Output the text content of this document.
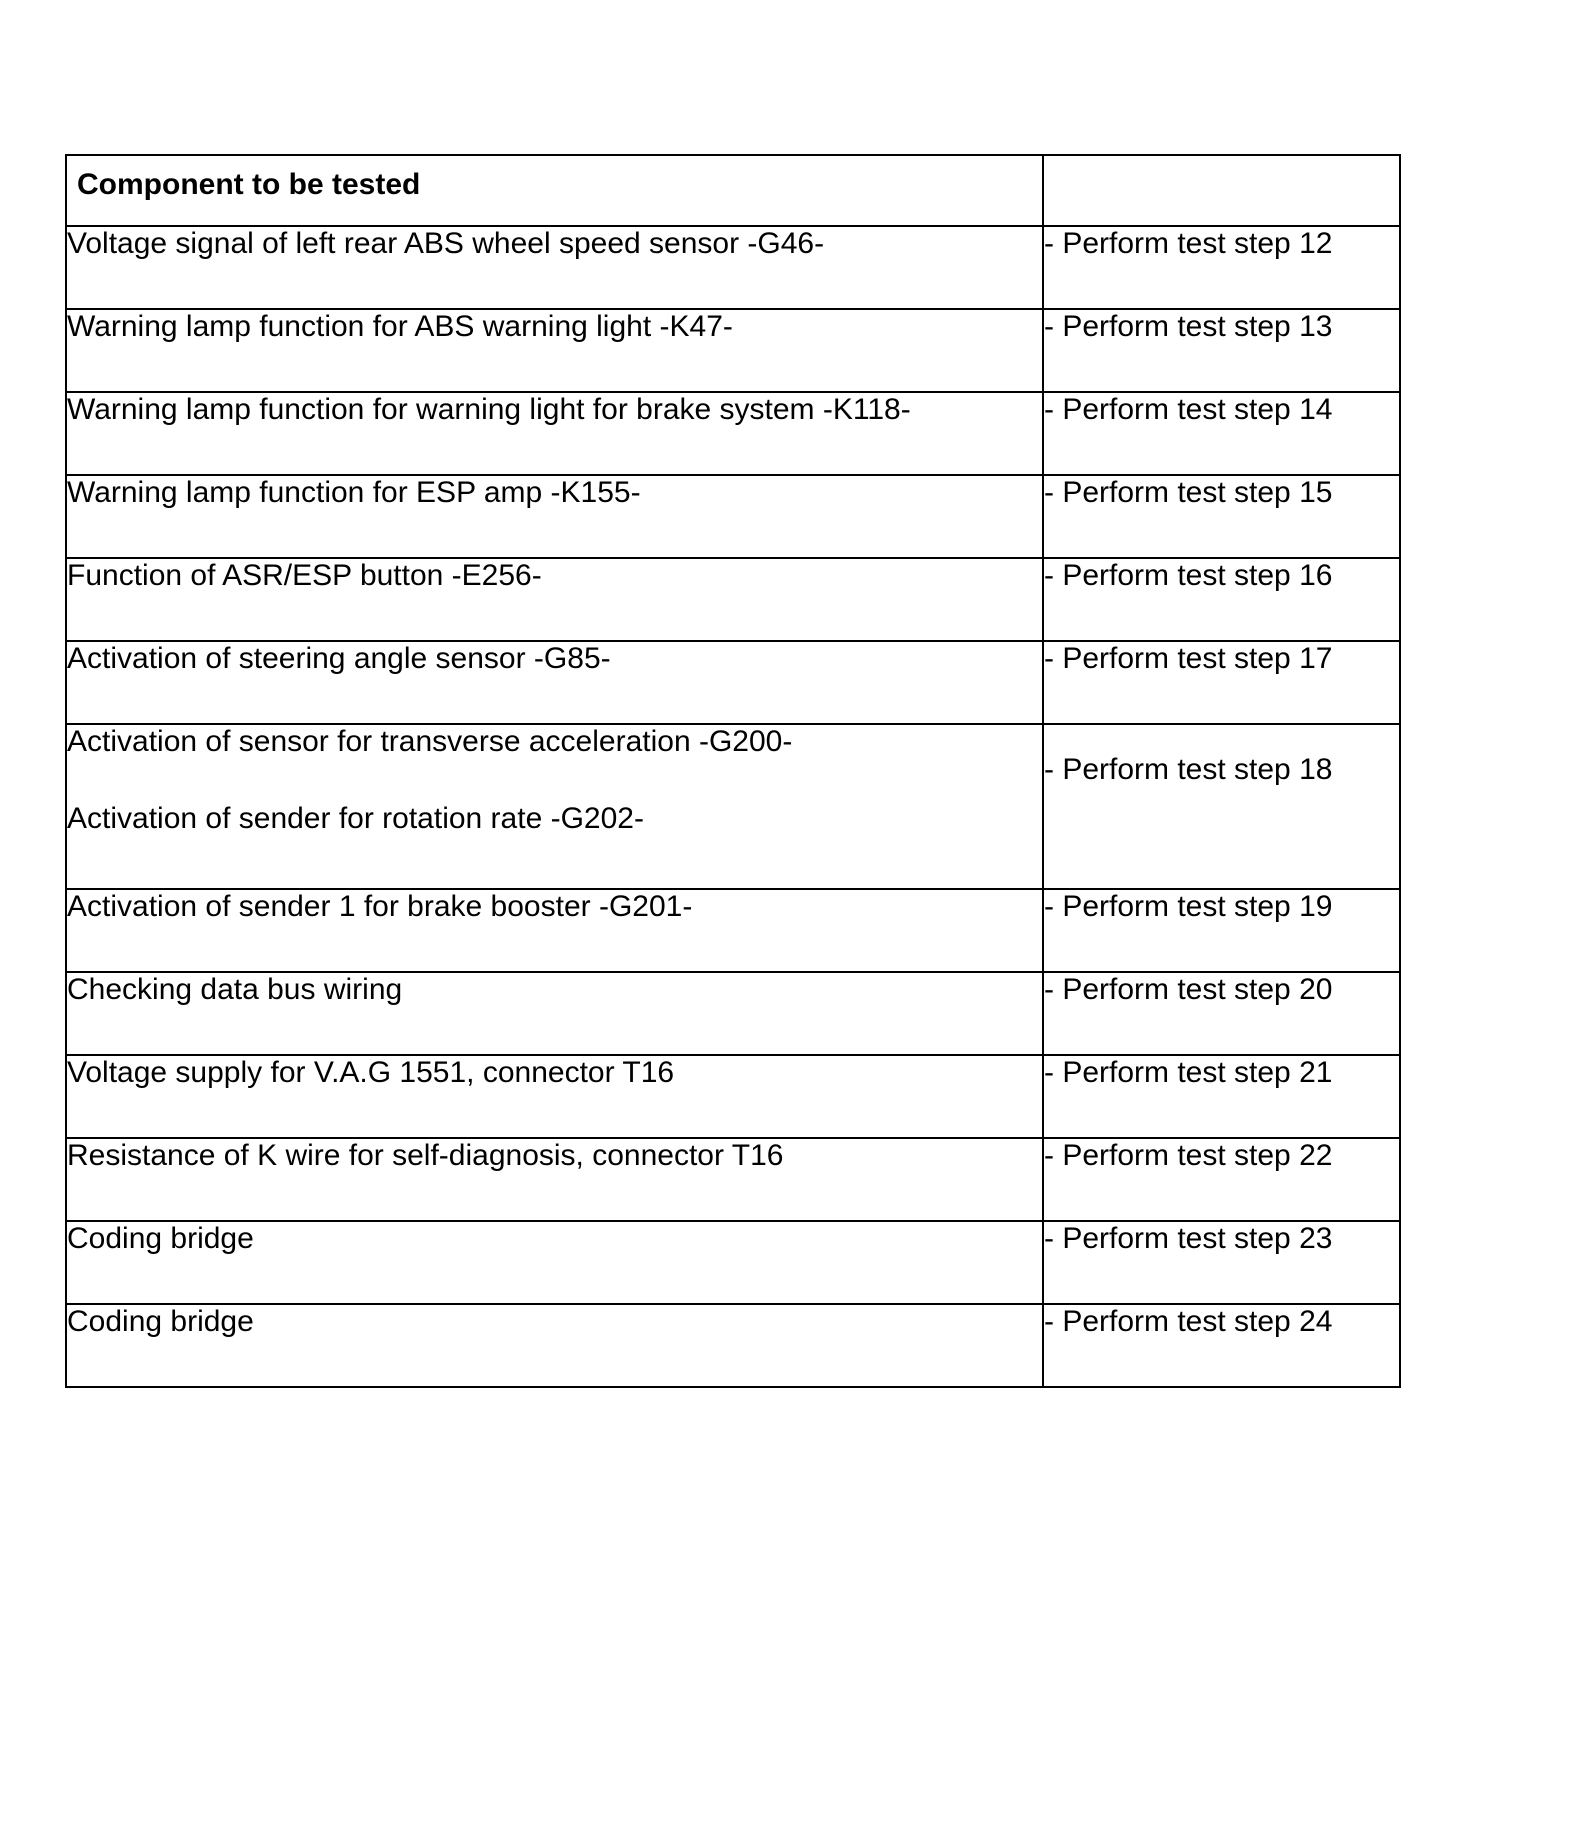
Component to be tested	

Voltage signal of left rear ABS wheel speed sensor -G46-	- Perform test step 12

Warning lamp function for ABS warning light -K47-	- Perform test step 13

Warning lamp function for warning light for brake system -K118-	- Perform test step 14

Warning lamp function for ESP amp -K155-	- Perform test step 15

Function of ASR/ESP button -E256-	- Perform test step 16

Activation of steering angle sensor -G85-	- Perform test step 17

Activation of sensor for transverse acceleration -G200-
Activation of sender for rotation rate -G202-	- Perform test step 18

Activation of sender 1 for brake booster -G201-	- Perform test step 19

Checking data bus wiring	- Perform test step 20

Voltage supply for V.A.G 1551, connector T16	- Perform test step 21

Resistance of K wire for self-diagnosis, connector T16	- Perform test step 22

Coding bridge	- Perform test step 23

Coding bridge	- Perform test step 24
